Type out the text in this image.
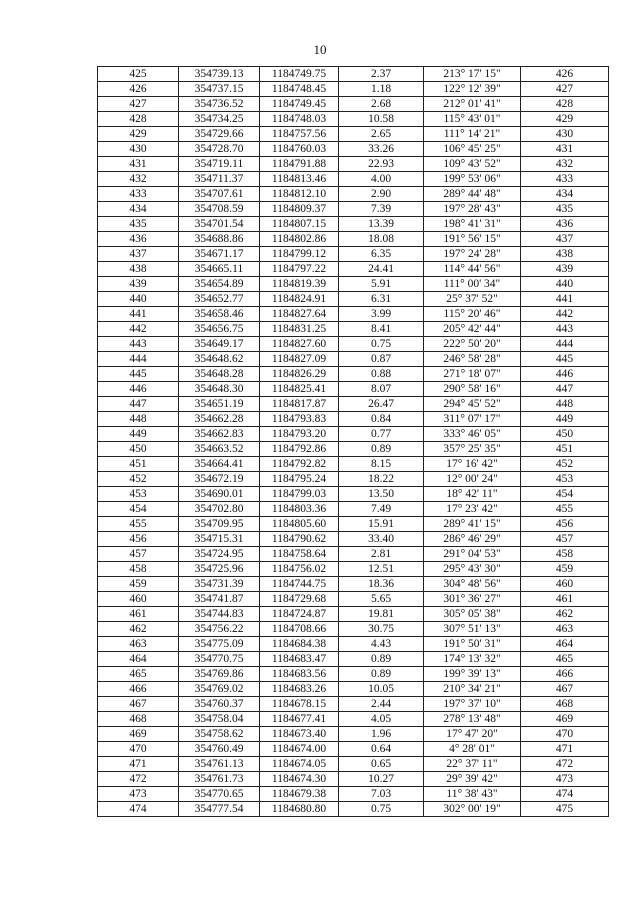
10
425	354739.13	1184749.75	2.37	213° 17' 15"	426
426	354737.15	1184748.45	1.18	122° 12' 39"	427
427	354736.52	1184749.45	2.68	212° 01' 41"	428
428	354734.25	1184748.03	10.58	115° 43' 01"	429
429	354729.66	1184757.56	2.65	111° 14' 21"	430
430	354728.70	1184760.03	33.26	106° 45' 25"	431
431	354719.11	1184791.88	22.93	109° 43' 52"	432
432	354711.37	1184813.46	4.00	199° 53' 06"	433
433	354707.61	1184812.10	2.90	289° 44' 48"	434
434	354708.59	1184809.37	7.39	197° 28' 43"	435
435	354701.54	1184807.15	13.39	198° 41' 31"	436
436	354688.86	1184802.86	18.08	191° 56' 15"	437
437	354671.17	1184799.12	6.35	197° 24' 28"	438
438	354665.11	1184797.22	24.41	114° 44' 56"	439
439	354654.89	1184819.39	5.91	111° 00' 34"	440
440	354652.77	1184824.91	6.31	25° 37' 52"	441
441	354658.46	1184827.64	3.99	115° 20' 46"	442
442	354656.75	1184831.25	8.41	205° 42' 44"	443
443	354649.17	1184827.60	0.75	222° 50' 20"	444
444	354648.62	1184827.09	0.87	246° 58' 28"	445
445	354648.28	1184826.29	0.88	271° 18' 07"	446
446	354648.30	1184825.41	8.07	290° 58' 16"	447
447	354651.19	1184817.87	26.47	294° 45' 52"	448
448	354662.28	1184793.83	0.84	311° 07' 17"	449
449	354662.83	1184793.20	0.77	333° 46' 05"	450
450	354663.52	1184792.86	0.89	357° 25' 35"	451
451	354664.41	1184792.82	8.15	17° 16' 42"	452
452	354672.19	1184795.24	18.22	12° 00' 24"	453
453	354690.01	1184799.03	13.50	18° 42' 11"	454
454	354702.80	1184803.36	7.49	17° 23' 42"	455
455	354709.95	1184805.60	15.91	289° 41' 15"	456
456	354715.31	1184790.62	33.40	286° 46' 29"	457
457	354724.95	1184758.64	2.81	291° 04' 53"	458
458	354725.96	1184756.02	12.51	295° 43' 30"	459
459	354731.39	1184744.75	18.36	304° 48' 56"	460
460	354741.87	1184729.68	5.65	301° 36' 27"	461
461	354744.83	1184724.87	19.81	305° 05' 38"	462
462	354756.22	1184708.66	30.75	307° 51' 13"	463
463	354775.09	1184684.38	4.43	191° 50' 31"	464
464	354770.75	1184683.47	0.89	174° 13' 32"	465
465	354769.86	1184683.56	0.89	199° 39' 13"	466
466	354769.02	1184683.26	10.05	210° 34' 21"	467
467	354760.37	1184678.15	2.44	197° 37' 10"	468
468	354758.04	1184677.41	4.05	278° 13' 48"	469
469	354758.62	1184673.40	1.96	17° 47' 20"	470
470	354760.49	1184674.00	0.64	4° 28' 01"	471
471	354761.13	1184674.05	0.65	22° 37' 11"	472
472	354761.73	1184674.30	10.27	29° 39' 42"	473
473	354770.65	1184679.38	7.03	11° 38' 43"	474
474	354777.54	1184680.80	0.75	302° 00' 19"	475
